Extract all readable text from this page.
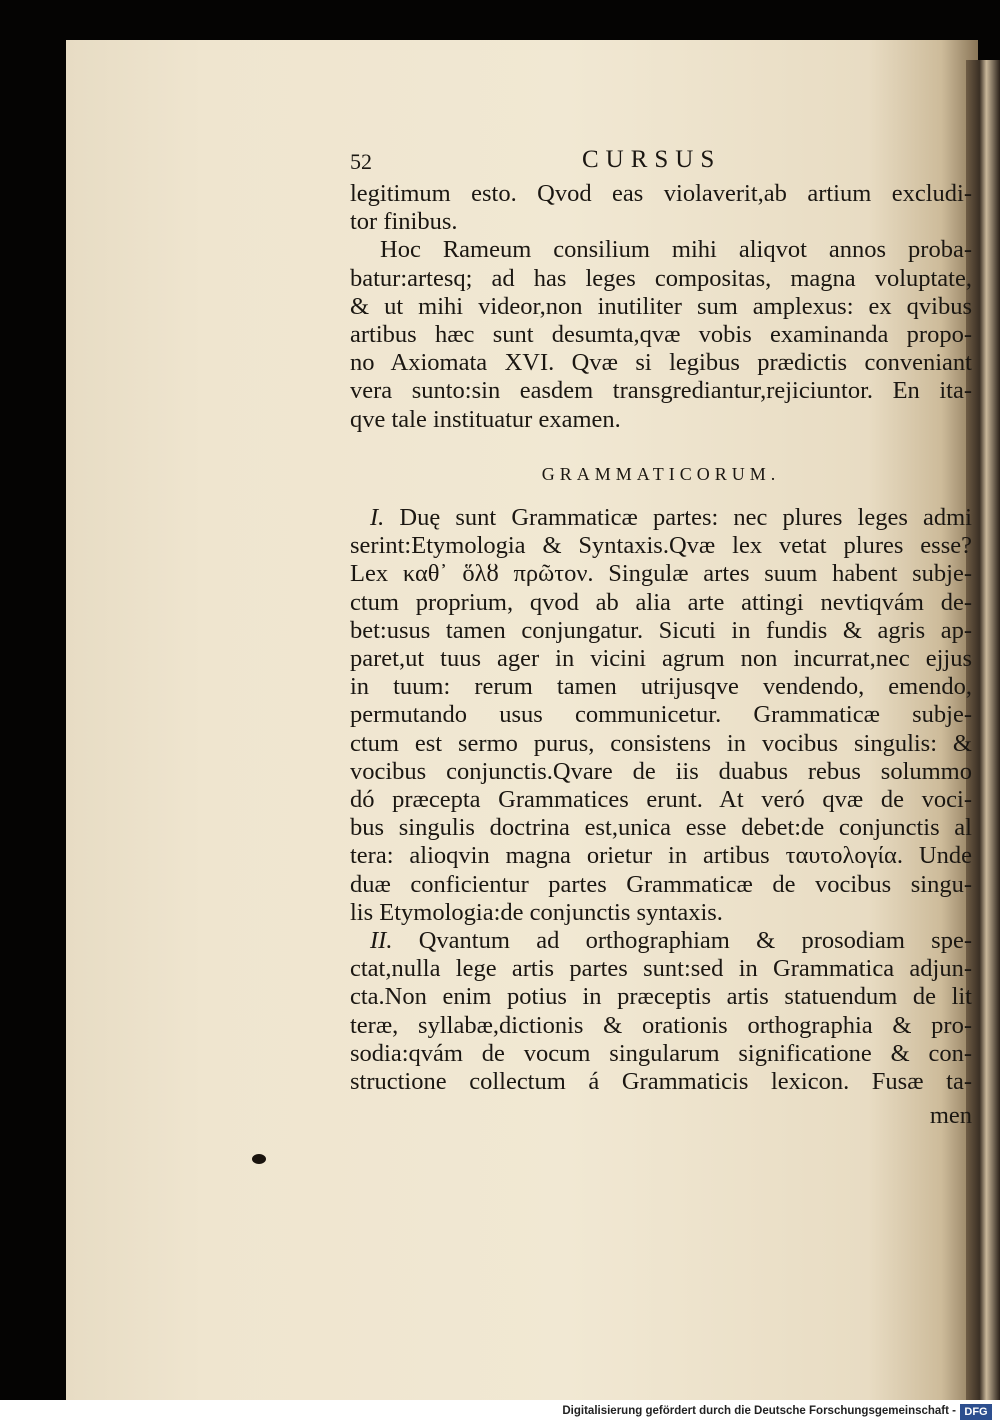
52	CURSUS
legitimum esto. Qvod eas violaverit,ab artium excludi-
tor finibus.
Hoc Rameum consilium mihi aliqvot annos proba-
batur:artesq; ad has leges compositas, magna voluptate,
& ut mihi videor,non inutiliter sum amplexus: ex qvibus
artibus hæc sunt desumta,qvæ vobis examinanda propo-
no Axiomata XVI. Qvæ si legibus prædictis conveniant
vera sunto:sin easdem transgrediantur,rejiciuntor. En ita-
qve tale instituatur examen.
GRAMMATICORUM.
I. Duę sunt Grammaticæ partes: nec plures leges admi
serint:Etymologia & Syntaxis.Qvæ lex vetat plures esse?
Lex καθ᾽ ὅλȣ πρῶτον. Singulæ artes suum habent subje-
ctum proprium, qvod ab alia arte attingi nevtiqvám de-
bet:usus tamen conjungatur. Sicuti in fundis & agris ap-
paret,ut tuus ager in vicini agrum non incurrat,nec ejjus
in tuum: rerum tamen utrijusqve vendendo, emendo,
permutando usus communicetur. Grammaticæ subje-
ctum est sermo purus, consistens in vocibus singulis: &
vocibus conjunctis.Qvare de iis duabus rebus solummo
dó præcepta Grammatices erunt. At veró qvæ de voci-
bus singulis doctrina est,unica esse debet:de conjunctis al
tera: alioqvin magna orietur in artibus ταυτολογία. Unde
duæ conficientur partes Grammaticæ de vocibus singu-
lis Etymologia:de conjunctis syntaxis.
II. Qvantum ad orthographiam & prosodiam spe-
ctat,nulla lege artis partes sunt:sed in Grammatica adjun-
cta.Non enim potius in præceptis artis statuendum de lit
teræ, syllabæ,dictionis & orationis orthographia & pro-
sodia:qvám de vocum singularum significatione & con-
structione collectum á Grammaticis lexicon. Fusæ ta-
men
Digitalisierung gefördert durch die Deutsche Forschungsgemeinschaft - DFG
